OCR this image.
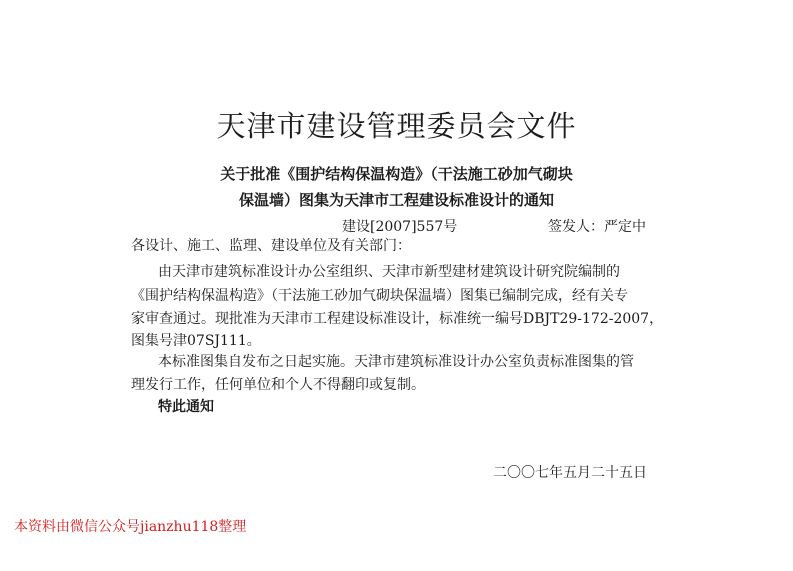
天津市建设管理委员会文件
关于批准《围护结构保温构造》（干法施工砂加气砌块
保温墙）图集为天津市工程建设标准设计的通知
建设[2007]557号	签发人：严定中
各设计、施工、监理、建设单位及有关部门：
由天津市建筑标准设计办公室组织、天津市新型建材建筑设计研究院编制的
《围护结构保温构造》（干法施工砂加气砌块保温墙）图集已编制完成，经有关专
家审查通过。现批准为天津市工程建设标准设计，标准统一编号DBJT29-172-2007，
图集号津07SJ111。
本标准图集自发布之日起实施。天津市建筑标准设计办公室负责标准图集的管
理发行工作，任何单位和个人不得翻印或复制。
特此通知
二〇〇七年五月二十五日
本资料由微信公众号jianzhu118整理
